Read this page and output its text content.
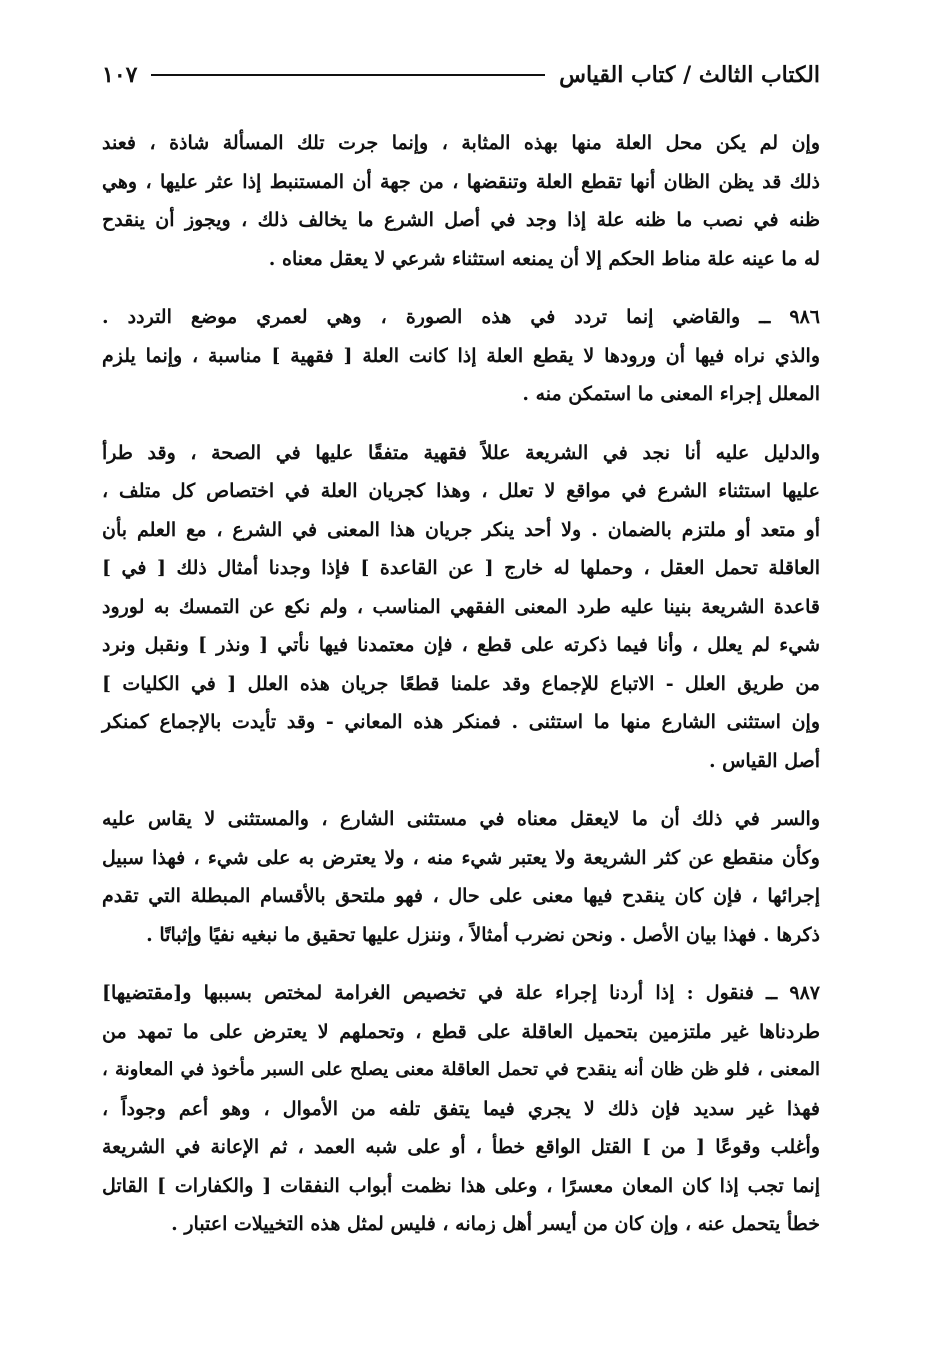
الكتاب الثالث / كتاب القياس
١٠٧

وإن لم يكن محل العلة منها بهذه المثابة ، وإنما جرت تلك المسألة شاذة ، فعند
ذلك قد يظن الظان أنها تقطع العلة وتنقضها ، من جهة أن المستنبط إذا عثر عليها ، وهي
ظنه في نصب ما ظنه علة إذا وجد في أصل الشرع ما يخالف ذلك ، ويجوز أن ينقدح
له ما عينه علة مناط الحكم إلا أن يمنعه استثناء شرعي لا يعقل معناه .

٩٨٦ ــ والقاضي إنما تردد في هذه الصورة ، وهي لعمري موضع التردد .
والذي نراه فيها أن ورودها لا يقطع العلة إذا كانت العلة [ فقهية ] مناسبة ، وإنما يلزم
المعلل إجراء المعنى ما استمكن منه .

والدليل عليه أنا نجد في الشريعة عللاً فقهية متفقًا عليها في الصحة ، وقد طرأ
عليها استثناء الشرع في مواقع لا تعلل ، وهذا كجريان العلة في اختصاص كل متلف ،
أو متعد أو ملتزم بالضمان . ولا أحد ينكر جريان هذا المعنى في الشرع ، مع العلم بأن
العاقلة تحمل العقل ، وحملها له خارج [ عن القاعدة ] فإذا وجدنا أمثال ذلك [ في ]
قاعدة الشريعة بنينا عليه طرد المعنى الفقهي المناسب ، ولم نكع عن التمسك به لورود
شيء لم يعلل ، وأنا فيما ذكرته على قطع ، فإن معتمدنا فيها نأتي [ ونذر ] ونقبل ونرد
من طريق العلل - الاتباع للإجماع وقد علمنا قطعًا جريان هذه العلل [ في الكليات ]
وإن استثنى الشارع منها ما استثنى . فمنكر هذه المعاني - وقد تأيدت بالإجماع كمنكر
أصل القياس .

والسر في ذلك أن ما لايعقل معناه في مستثنى الشارع ، والمستثنى لا يقاس عليه
وكأن منقطع عن كثر الشريعة ولا يعتبر شيء منه ، ولا يعترض به على شيء ، فهذا سبيل
إجرائها ، فإن كان ينقدح فيها معنى على حال ، فهو ملتحق بالأقسام المبطلة التي تقدم
ذكرها . فهذا بيان الأصل . ونحن نضرب أمثالاً ، وننزل عليها تحقيق ما نبغيه نفيًا وإثباتًا .

٩٨٧ ــ فنقول : إذا أردنا إجراء علة في تخصيص الغرامة لمختص بسببها و[مقتضيها]
طردناها غير ملتزمين بتحميل العاقلة على قطع ، وتحملهم لا يعترض على ما تمهد من
المعنى ، فلو ظن ظان أنه ينقدح في تحمل العاقلة معنى يصلح على السبر مأخوذ في المعاونة ،
فهذا غير سديد فإن ذلك لا يجري فيما يتفق تلفه من الأموال ، وهو أعم وجوداً ،
وأغلب وقوعًا [ من ] القتل الواقع خطأ ، أو على شبه العمد ، ثم الإعانة في الشريعة
إنما تجب إذا كان المعان معسرًا ، وعلى هذا نظمت أبواب النفقات [ والكفارات ] القاتل
خطأ يتحمل عنه ، وإن كان من أيسر أهل زمانه ، فليس لمثل هذه التخييلات اعتبار .
